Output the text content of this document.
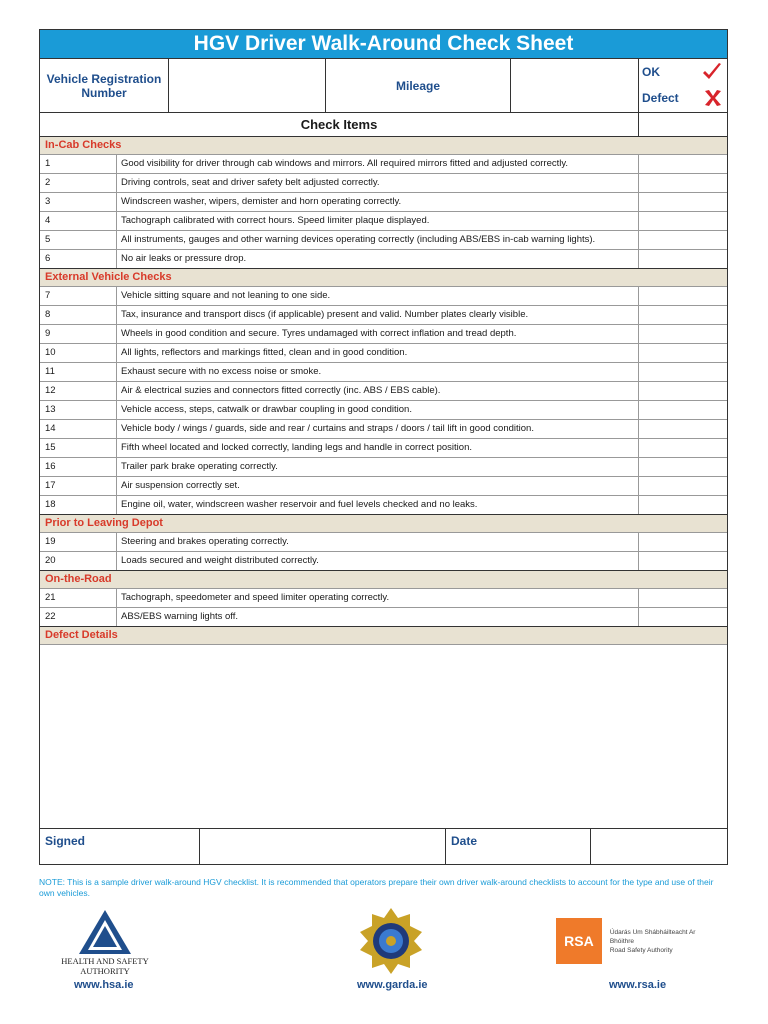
HGV Driver Walk-Around Check Sheet
Vehicle Registration Number	Mileage
OK
Defect
Check Items
In-Cab Checks
1	Good visibility for driver through cab windows and mirrors. All required mirrors fitted and adjusted correctly.
2	Driving controls, seat and driver safety belt adjusted correctly.
3	Windscreen washer, wipers, demister and horn operating correctly.
4	Tachograph calibrated with correct hours. Speed limiter plaque displayed.
5	All instruments, gauges and other warning devices operating correctly (including ABS/EBS in-cab warning lights).
6	No air leaks or pressure drop.
External Vehicle Checks
7	Vehicle sitting square and not leaning to one side.
8	Tax, insurance and transport discs (if applicable) present and valid. Number plates clearly visible.
9	Wheels in good condition and secure. Tyres undamaged with correct inflation and tread depth.
10	All lights, reflectors and markings fitted, clean and in good condition.
11	Exhaust secure with no excess noise or smoke.
12	Air & electrical suzies and connectors fitted correctly (inc. ABS / EBS cable).
13	Vehicle access, steps, catwalk or drawbar coupling in good condition.
14	Vehicle body / wings / guards, side and rear / curtains and straps / doors / tail lift in good condition.
15	Fifth wheel located and locked correctly, landing legs and handle in correct position.
16	Trailer park brake operating correctly.
17	Air suspension correctly set.
18	Engine oil, water, windscreen washer reservoir and fuel levels checked and no leaks.
Prior to Leaving Depot
19	Steering and brakes operating correctly.
20	Loads secured and weight distributed correctly.
On-the-Road
21	Tachograph, speedometer and speed limiter operating correctly.
22	ABS/EBS warning lights off.
Defect Details
Signed	Date
NOTE: This is a sample driver walk-around HGV checklist. It is recommended that operators prepare their own driver walk-around checklists to account for the type and use of their own vehicles.
HEALTH AND SAFETY
AUTHORITY
RSA
Údarás Um Shábháilteacht Ar Bhóithre
Road Safety Authority
www.hsa.ie	www.garda.ie	www.rsa.ie
